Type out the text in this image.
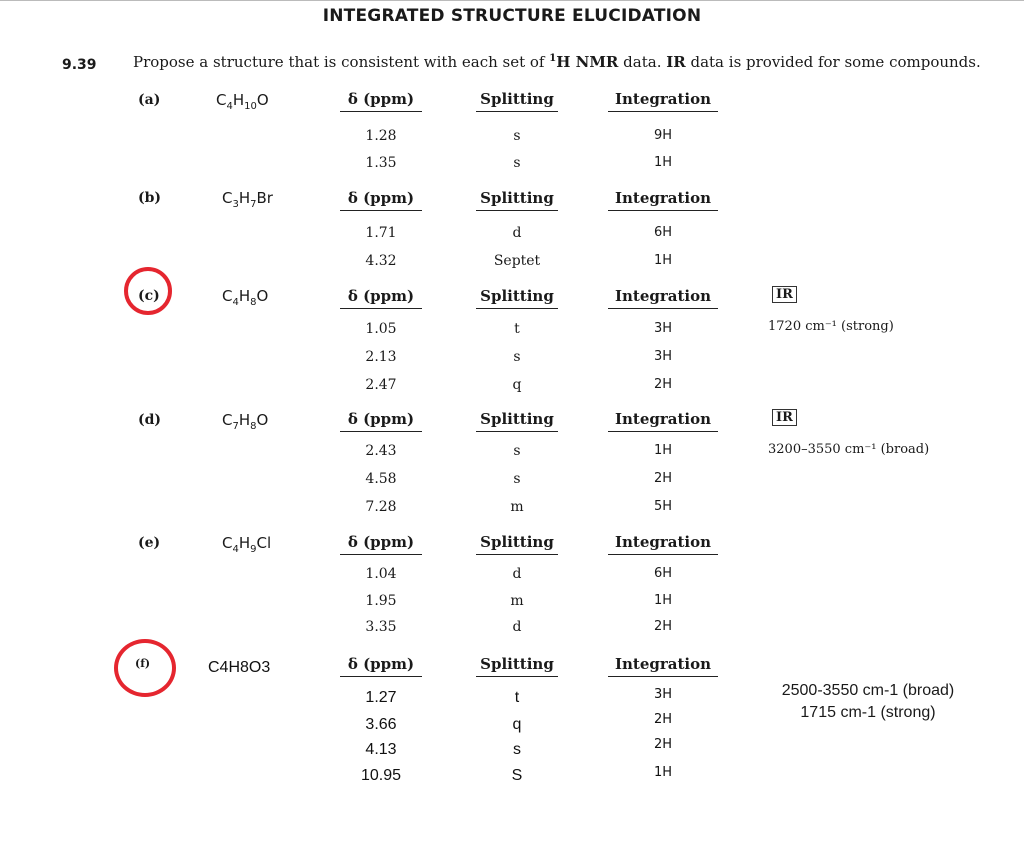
INTEGRATED STRUCTURE ELUCIDATION
9.39 Propose a structure that is consistent with each set of $^1$H NMR data. IR data is provided for some compounds.
(a)	$C_4H_{10}O$	δ (ppm)	Splitting	Integration
1.28	s	9H
1.35	s	1H
(b)	$C_3H_7Br$	δ (ppm)	Splitting	Integration
1.71	d	6H
4.32	Septet	1H
(c)	$C_4H_8O$	δ (ppm)	Splitting	Integration	IR
1720 cm⁻¹ (strong)
1.05	t	3H
2.13	s	3H
2.47	q	2H
(d)	$C_7H_8O$	δ (ppm)	Splitting	Integration	IR
3200–3550 cm⁻¹ (broad)
2.43	s	1H
4.58	s	2H
7.28	m	5H
(e)	$C_4H_9Cl$	δ (ppm)	Splitting	Integration
1.04	d	6H
1.95	m	1H
3.35	d	2H
(f)	C4H8O3	δ (ppm)	Splitting	Integration
2500-3550 cm-1 (broad)
1715 cm-1 (strong)
1.27	t	3H
3.66	q	2H
4.13	s	2H
10.95	S	1H
